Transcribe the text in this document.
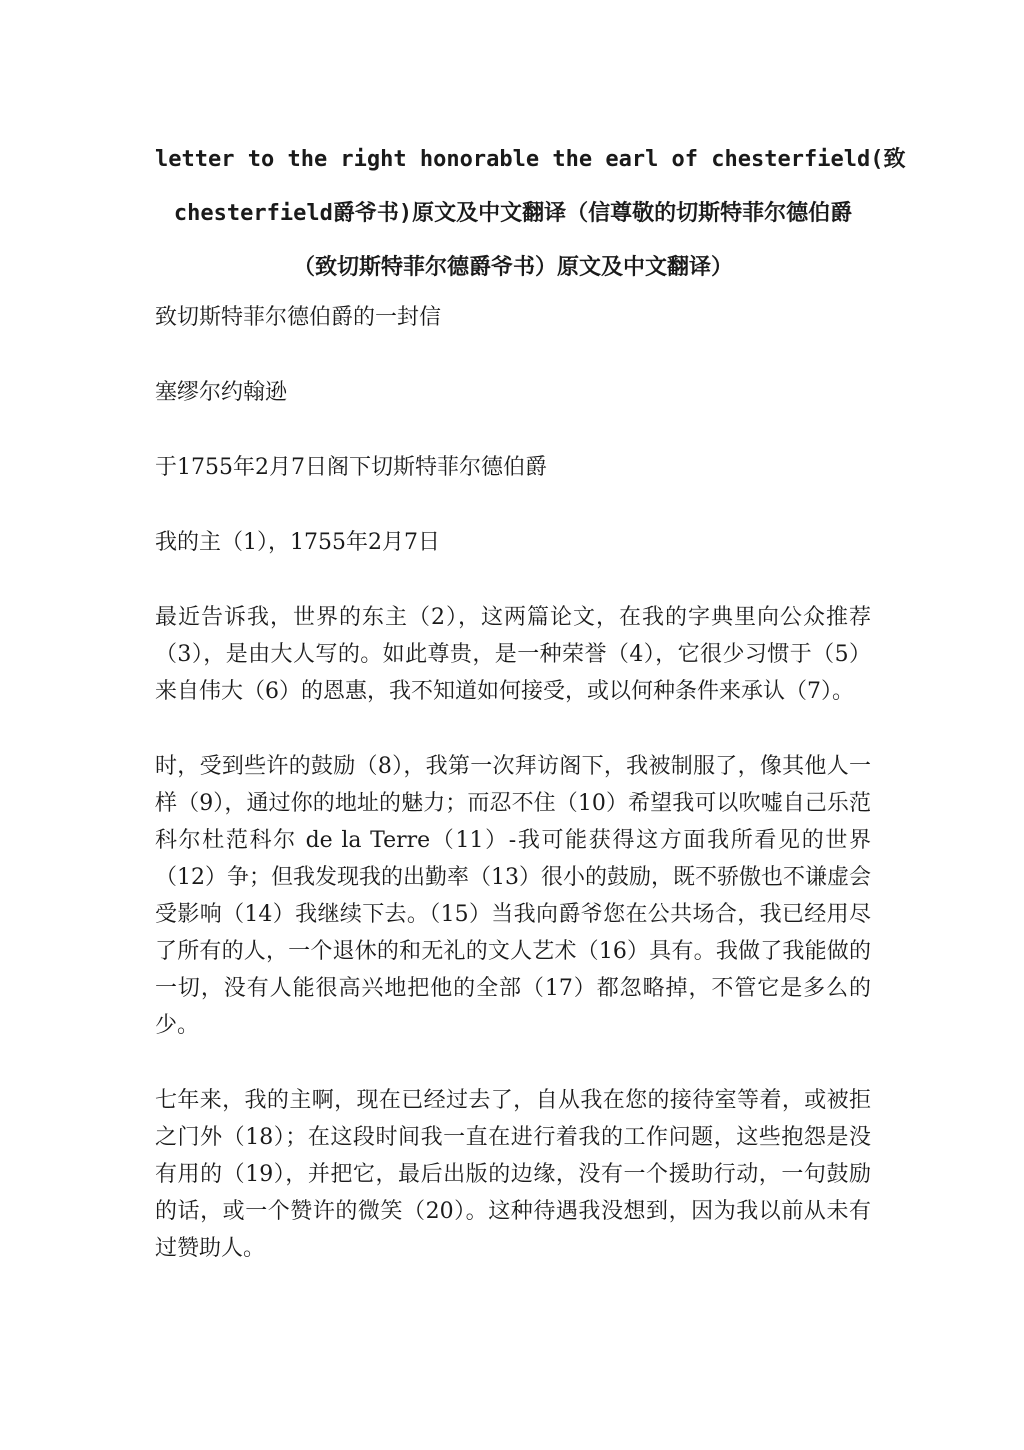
letter to the right honorable the earl of chesterfield(致
chesterfield爵爷书)原文及中文翻译（信尊敬的切斯特菲尔德伯爵
（致切斯特菲尔德爵爷书）原文及中文翻译）

致切斯特菲尔德伯爵的一封信

塞缪尔约翰逊

于1755年2月7日阁下切斯特菲尔德伯爵

我的主（1），1755年2月7日

最近告诉我，世界的东主（2），这两篇论文，在我的字典里向公众推荐（3），是由大人写的。如此尊贵，是一种荣誉（4），它很少习惯于（5）来自伟大（6）的恩惠，我不知道如何接受，或以何种条件来承认（7）。

时，受到些许的鼓励（8），我第一次拜访阁下，我被制服了，像其他人一样（9），通过你的地址的魅力；而忍不住（10）希望我可以吹嘘自己乐范科尔杜范科尔 de la Terre（11）-我可能获得这方面我所看见的世界（12）争；但我发现我的出勤率（13）很小的鼓励，既不骄傲也不谦虚会受影响（14）我继续下去。（15）当我向爵爷您在公共场合，我已经用尽了所有的人，一个退休的和无礼的文人艺术（16）具有。我做了我能做的一切，没有人能很高兴地把他的全部（17）都忽略掉，不管它是多么的少。

七年来，我的主啊，现在已经过去了，自从我在您的接待室等着，或被拒之门外（18）；在这段时间我一直在进行着我的工作问题，这些抱怨是没有用的（19），并把它，最后出版的边缘，没有一个援助行动，一句鼓励的话，或一个赞许的微笑（20）。这种待遇我没想到，因为我以前从未有过赞助人。
